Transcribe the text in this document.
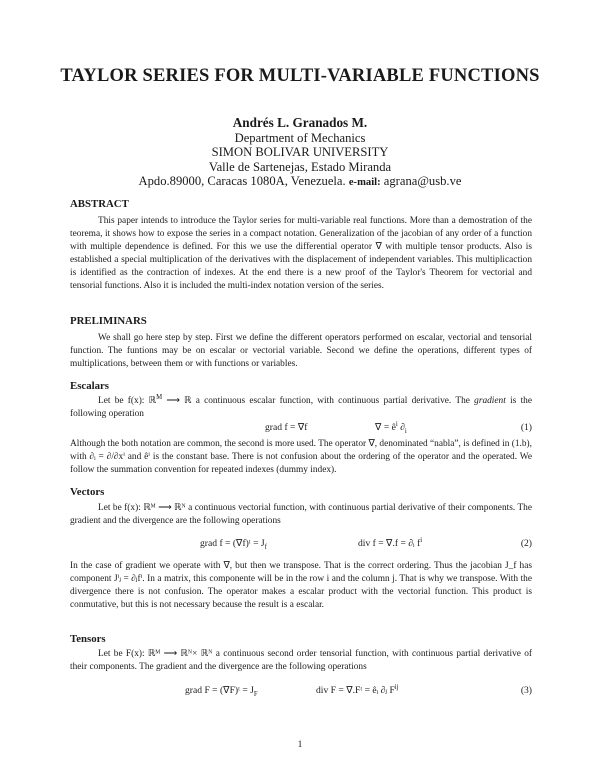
TAYLOR SERIES FOR MULTI-VARIABLE FUNCTIONS
Andrés L. Granados M.
Department of Mechanics
SIMON BOLIVAR UNIVERSITY
Valle de Sartenejas, Estado Miranda
Apdo.89000, Caracas 1080A, Venezuela. e-mail: agrana@usb.ve
ABSTRACT
This paper intends to introduce the Taylor series for multi-variable real functions. More than a demostration of the teorema, it shows how to expose the series in a compact notation. Generalization of the jacobian of any order of a function with multiple dependence is defined. For this we use the differential operator ∇ with multiple tensor products. Also is established a special multiplication of the derivatives with the displacement of independent variables. This multiplicaction is identified as the contraction of indexes. At the end there is a new proof of the Taylor's Theorem for vectorial and tensorial functions. Also it is included the multi-index notation version of the series.
PRELIMINARS
We shall go here step by step. First we define the different operators performed on escalar, vectorial and tensorial function. The funtions may be on escalar or vectorial variable. Second we define the operations, different types of multiplications, between them or with functions or variables.
Escalars
Let be f(x): ℝ$^M$ ⟶ ℝ a continuous escalar function, with continuous partial derivative. The gradient is the following operation
grad f = ∇f	∇ = $ê^i$ $\partial_i$	(1)
Although the both notation are common, the second is more used. The operator ∇, denominated “nabla”, is defined in (1.b), with ∂ᵢ = ∂/∂xⁱ and êⁱ is the constant base. There is not confusion about the ordering of the operator and the operated. We follow the summation convention for repeated indexes (dummy index).
Vectors
Let be f(x): ℝᴹ ⟶ ℝᴺ a continuous vectorial function, with continuous partial derivative of their components. The gradient and the divergence are the following operations
grad f = (∇f)ᵗ = $J_f$	div f = ∇.f = ∂ᵢ $f^i$	(2)
In the case of gradient we operate with ∇, but then we transpose. That is the correct ordering. Thus the jacobian J_f has component Jⁱⱼ = ∂ⱼfⁱ. In a matrix, this componente will be in the row i and the column j. That is why we transpose. With the divergence there is not confusion. The operator makes a escalar product with the vectorial function. This product is conmutative, but this is not necessary because the result is a escalar.
Tensors
Let be F(x): ℝᴹ ⟶ ℝᴺ× ℝᴺ a continuous second order tensorial function, with continuous partial derivative of their components. The gradient and the divergence are the following operations
grad F = (∇F)ᵗ = $J_F$	div F = ∇.Fᵗ = êᵢ ∂ⱼ $F^{ij}$	(3)
1
